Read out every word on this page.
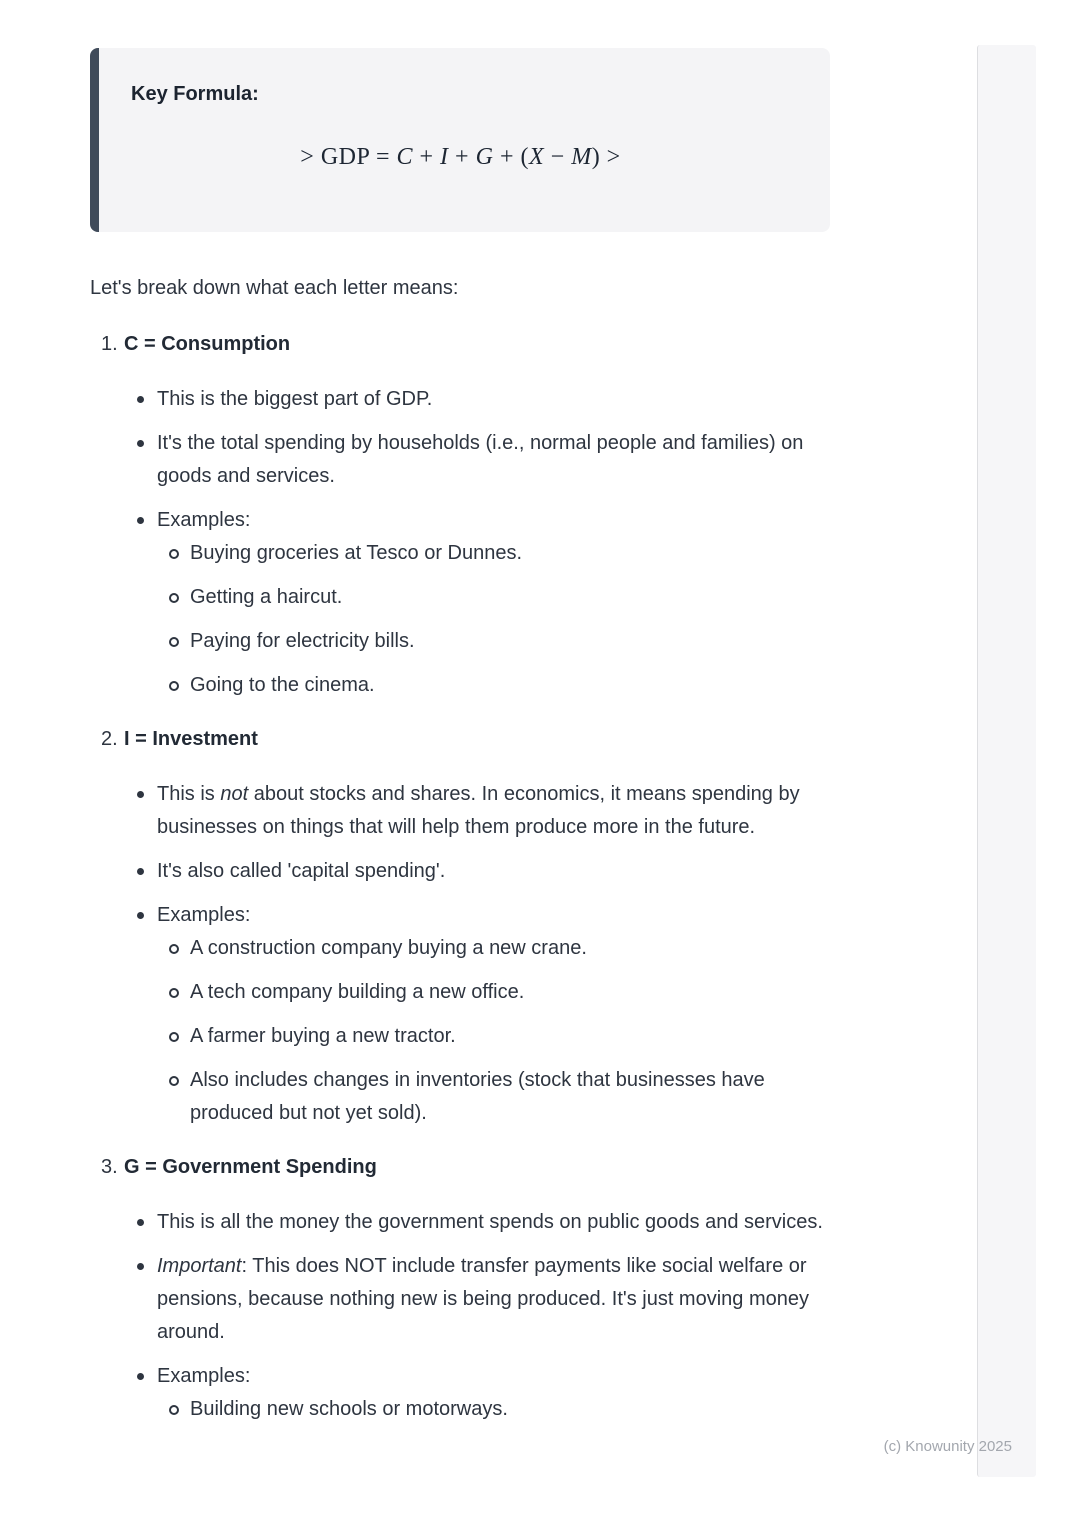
Key Formula:
> GDP = C + I + G + (X − M) >

Let's break down what each letter means:

1. C = Consumption
This is the biggest part of GDP.
It's the total spending by households (i.e., normal people and families) on goods and services.
Examples:
Buying groceries at Tesco or Dunnes.
Getting a haircut.
Paying for electricity bills.
Going to the cinema.
2. I = Investment
This is not about stocks and shares. In economics, it means spending by businesses on things that will help them produce more in the future.
It's also called 'capital spending'.
Examples:
A construction company buying a new crane.
A tech company building a new office.
A farmer buying a new tractor.
Also includes changes in inventories (stock that businesses have produced but not yet sold).
3. G = Government Spending
This is all the money the government spends on public goods and services.
Important: This does NOT include transfer payments like social welfare or pensions, because nothing new is being produced. It's just moving money around.
Examples:
Building new schools or motorways.
(c) Knowunity 2025
